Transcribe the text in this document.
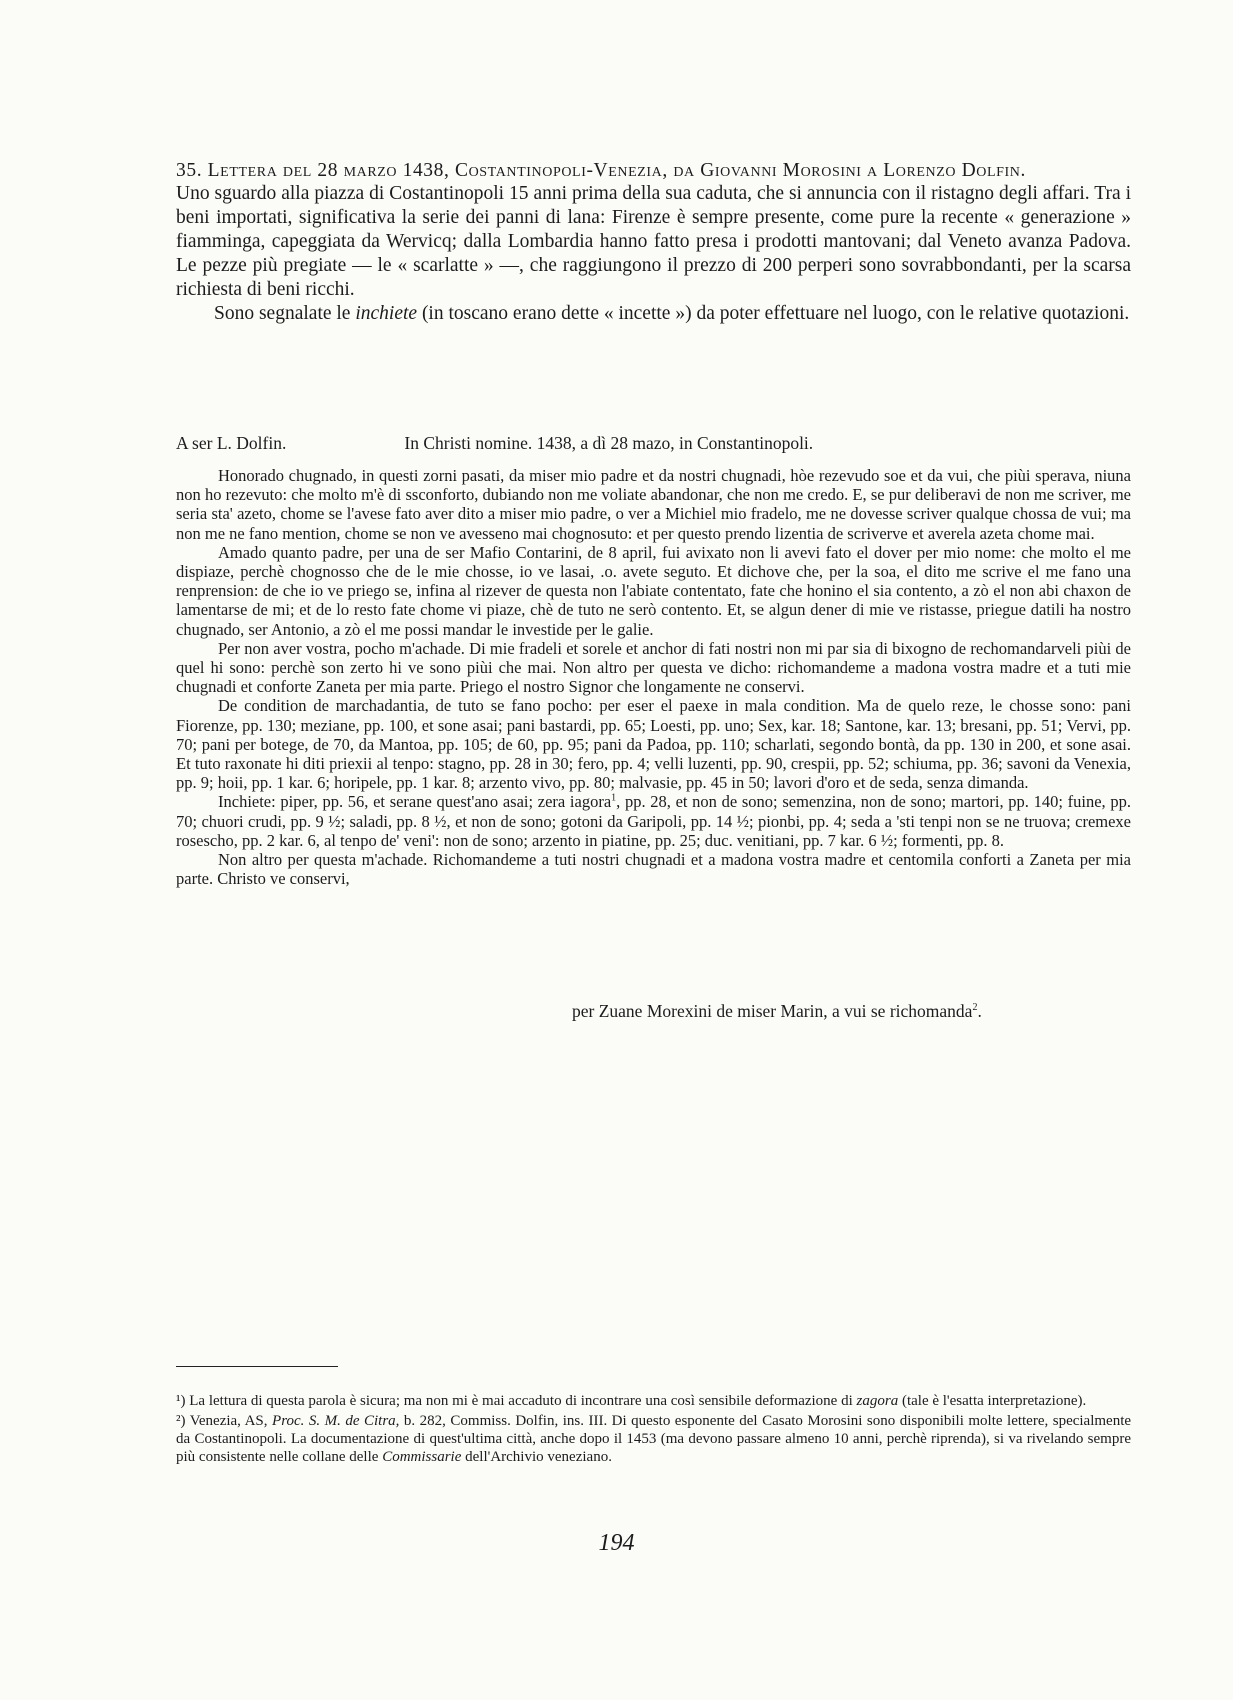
35. Lettera del 28 marzo 1438, Costantinopoli-Venezia, da Giovanni Morosini a Lorenzo Dolfin.

Uno sguardo alla piazza di Costantinopoli 15 anni prima della sua caduta, che si annuncia con il ristagno degli affari. Tra i beni importati, significativa la serie dei panni di lana: Firenze è sempre presente, come pure la recente « generazione » fiamminga, capeggiata da Wervicq; dalla Lombardia hanno fatto presa i prodotti mantovani; dal Veneto avanza Padova. Le pezze più pregiate — le « scarlatte » —, che raggiungono il prezzo di 200 perperi sono sovrabbondanti, per la scarsa richiesta di beni ricchi.

Sono segnalate le inchiete (in toscano erano dette « incette ») da poter effettuare nel luogo, con le relative quotazioni.

A ser L. Dolfin.	In Christi nomine. 1438, a dì 28 mazo, in Constantinopoli.

Honorado chugnado, in questi zorni pasati, da miser mio padre et da nostri chugnadi, hòe rezevudo soe et da vui, che piùi sperava, niuna non ho rezevuto: che molto m'è di ssconforto, dubiando non me voliate abandonar, che non me credo. E, se pur deliberavi de non me scriver, me seria sta' azeto, chome se l'avese fato aver dito a miser mio padre, o ver a Michiel mio fradelo, me ne dovesse scriver qualque chossa de vui; ma non me ne fano mention, chome se non ve avesseno mai chognosuto: et per questo prendo lizentia de scriverve et averela azeta chome mai.

Amado quanto padre, per una de ser Mafio Contarini, de 8 april, fui avixato non li avevi fato el dover per mio nome: che molto el me dispiaze, perchè chognosso che de le mie chosse, io ve lasai, .o. avete seguto. Et dichove che, per la soa, el dito me scrive el me fano una renprension: de che io ve priego se, infina al rizever de questa non l'abiate contentato, fate che honino el sia contento, a zò el non abi chaxon de lamentarse de mi; et de lo resto fate chome vi piaze, chè de tuto ne serò contento. Et, se algun dener di mie ve ristasse, priegue datili ha nostro chugnado, ser Antonio, a zò el me possi mandar le investide per le galie.

Per non aver vostra, pocho m'achade. Di mie fradeli et sorele et anchor di fati nostri non mi par sia di bixogno de rechomandarveli piùi de quel hi sono: perchè son zerto hi ve sono piùi che mai. Non altro per questa ve dicho: richomandeme a madona vostra madre et a tuti mie chugnadi et conforte Zaneta per mia parte. Priego el nostro Signor che longamente ne conservi.

De condition de marchadantia, de tuto se fano pocho: per eser el paexe in mala condition. Ma de quelo reze, le chosse sono: pani Fiorenze, pp. 130; meziane, pp. 100, et sone asai; pani bastardi, pp. 65; Loesti, pp. uno; Sex, kar. 18; Santone, kar. 13; bresani, pp. 51; Vervi, pp. 70; pani per botege, de 70, da Mantoa, pp. 105; de 60, pp. 95; pani da Padoa, pp. 110; scharlati, segondo bontà, da pp. 130 in 200, et sone asai. Et tuto raxonate hi diti priexii al tenpo: stagno, pp. 28 in 30; fero, pp. 4; velli luzenti, pp. 90, crespii, pp. 52; schiuma, pp. 36; savoni da Venexia, pp. 9; hoii, pp. 1 kar. 6; horipele, pp. 1 kar. 8; arzento vivo, pp. 80; malvasie, pp. 45 in 50; lavori d'oro et de seda, senza dimanda.

Inchiete: piper, pp. 56, et serane quest'ano asai; zera iagora$^1$, pp. 28, et non de sono; semenzina, non de sono; martori, pp. 140; fuine, pp. 70; chuori crudi, pp. 9 ½; saladi, pp. 8 ½, et non de sono; gotoni da Garipoli, pp. 14 ½; pionbi, pp. 4; seda a 'sti tenpi non se ne truova; cremexe rosescho, pp. 2 kar. 6, al tenpo de' veni': non de sono; arzento in piatine, pp. 25; duc. venitiani, pp. 7 kar. 6 ½; formenti, pp. 8.

Non altro per questa m'achade. Richomandeme a tuti nostri chugnadi et a madona vostra madre et centomila conforti a Zaneta per mia parte. Christo ve conservi,

per Zuane Morexini de miser Marin, a vui se richomanda$^2$.

¹) La lettura di questa parola è sicura; ma non mi è mai accaduto di incontrare una così sensibile deformazione di zagora (tale è l'esatta interpretazione).

²) Venezia, AS, Proc. S. M. de Citra, b. 282, Commiss. Dolfin, ins. III. Di questo esponente del Casato Morosini sono disponibili molte lettere, specialmente da Costantinopoli. La documentazione di quest'ultima città, anche dopo il 1453 (ma devono passare almeno 10 anni, perchè riprenda), si va rivelando sempre più consistente nelle collane delle Commissarie dell'Archivio veneziano.

194
